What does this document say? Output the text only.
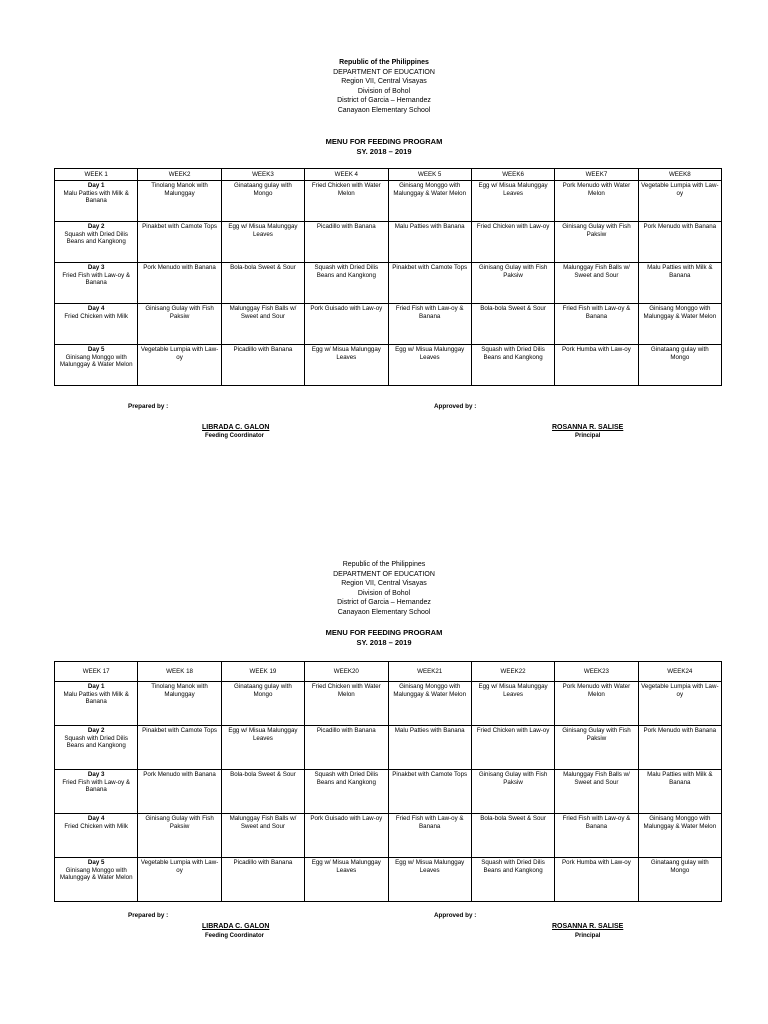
Republic of the Philippines
DEPARTMENT OF EDUCATION
Region VII, Central Visayas
Division of Bohol
District of Garcia – Hernandez
Canayaon Elementary School
MENU FOR FEEDING PROGRAM
SY. 2018 – 2019
WEEK 1	WEEK2	WEEK3	WEEK 4	WEEK 5	WEEK6	WEEK7	WEEK8

Day 1
Malu Patties with Milk & Banana	Tinolang Manok with Malunggay	Ginataang gulay with Mongo	Fried Chicken with Water Melon	Ginisang Monggo with Malunggay & Water Melon	Egg w/ Misua Malunggay Leaves	Pork Menudo with Water Melon	Vegetable Lumpia with Law-oy

Day 2
Squash with Dried Dilis Beans and Kangkong	Pinakbet with Camote Tops	Egg w/ Misua Malunggay Leaves	Picadillo with Banana	Malu Patties with Banana	Fried Chicken with Law-oy	Ginisang Gulay with Fish Paksiw	Pork Menudo with Banana

Day 3
Fried Fish with Law-oy & Banana	Pork Menudo with Banana	Bola-bola Sweet & Sour	Squash with Dried Dilis Beans and Kangkong	Pinakbet with Camote Tops	Ginisang Gulay with Fish Paksiw	Malunggay Fish Balls w/ Sweet and Sour	Malu Patties with Milk & Banana

Day 4
Fried Chicken with Milk	Ginisang Gulay with Fish Paksiw	Malunggay Fish Balls w/ Sweet and Sour	Pork Guisado with Law-oy	Fried Fish with Law-oy & Banana	Bola-bola Sweet & Sour	Fried Fish with Law-oy & Banana	Ginisang Monggo with Malunggay & Water Melon

Day 5
Ginisang Monggo with Malunggay & Water Melon	Vegetable Lumpia with Law-oy	Picadillo with Banana	Egg w/ Misua Malunggay Leaves	Egg w/ Misua Malunggay Leaves	Squash with Dried Dilis Beans and Kangkong	Pork Humba with Law-oy	Ginataang gulay with Mongo
Prepared by :	Approved by :
LIBRADA C. GALON	ROSANNA R. SALISE
Feeding Coordinator	Principal
Republic of the Philippines
DEPARTMENT OF EDUCATION
Region VII, Central Visayas
Division of Bohol
District of Garcia – Hernandez
Canayaon Elementary School
MENU FOR FEEDING PROGRAM
SY. 2018 – 2019
WEEK 17	WEEK 18	WEEK 19	WEEK20	WEEK21	WEEK22	WEEK23	WEEK24

Day 1
Malu Patties with Milk & Banana	Tinolang Manok with Malunggay	Ginataang gulay with Mongo	Fried Chicken with Water Melon	Ginisang Monggo with Malunggay & Water Melon	Egg w/ Misua Malunggay Leaves	Pork Menudo with Water Melon	Vegetable Lumpia with Law-oy

Day 2
Squash with Dried Dilis Beans and Kangkong	Pinakbet with Camote Tops	Egg w/ Misua Malunggay Leaves	Picadillo with Banana	Malu Patties with Banana	Fried Chicken with Law-oy	Ginisang Gulay with Fish Paksiw	Pork Menudo with Banana

Day 3
Fried Fish with Law-oy & Banana	Pork Menudo with Banana	Bola-bola Sweet & Sour	Squash with Dried Dilis Beans and Kangkong	Pinakbet with Camote Tops	Ginisang Gulay with Fish Paksiw	Malunggay Fish Balls w/ Sweet and Sour	Malu Patties with Milk & Banana

Day 4
Fried Chicken with Milk	Ginisang Gulay with Fish Paksiw	Malunggay Fish Balls w/ Sweet and Sour	Pork Guisado with Law-oy	Fried Fish with Law-oy & Banana	Bola-bola Sweet & Sour	Fried Fish with Law-oy & Banana	Ginisang Monggo with Malunggay & Water Melon

Day 5
Ginisang Monggo with Malunggay & Water Melon	Vegetable Lumpia with Law-oy	Picadillo with Banana	Egg w/ Misua Malunggay Leaves	Egg w/ Misua Malunggay Leaves	Squash with Dried Dilis Beans and Kangkong	Pork Humba with Law-oy	Ginataang gulay with Mongo
Prepared by :	Approved by :
LIBRADA C. GALON	ROSANNA R. SALISE
Feeding Coordinator	Principal
